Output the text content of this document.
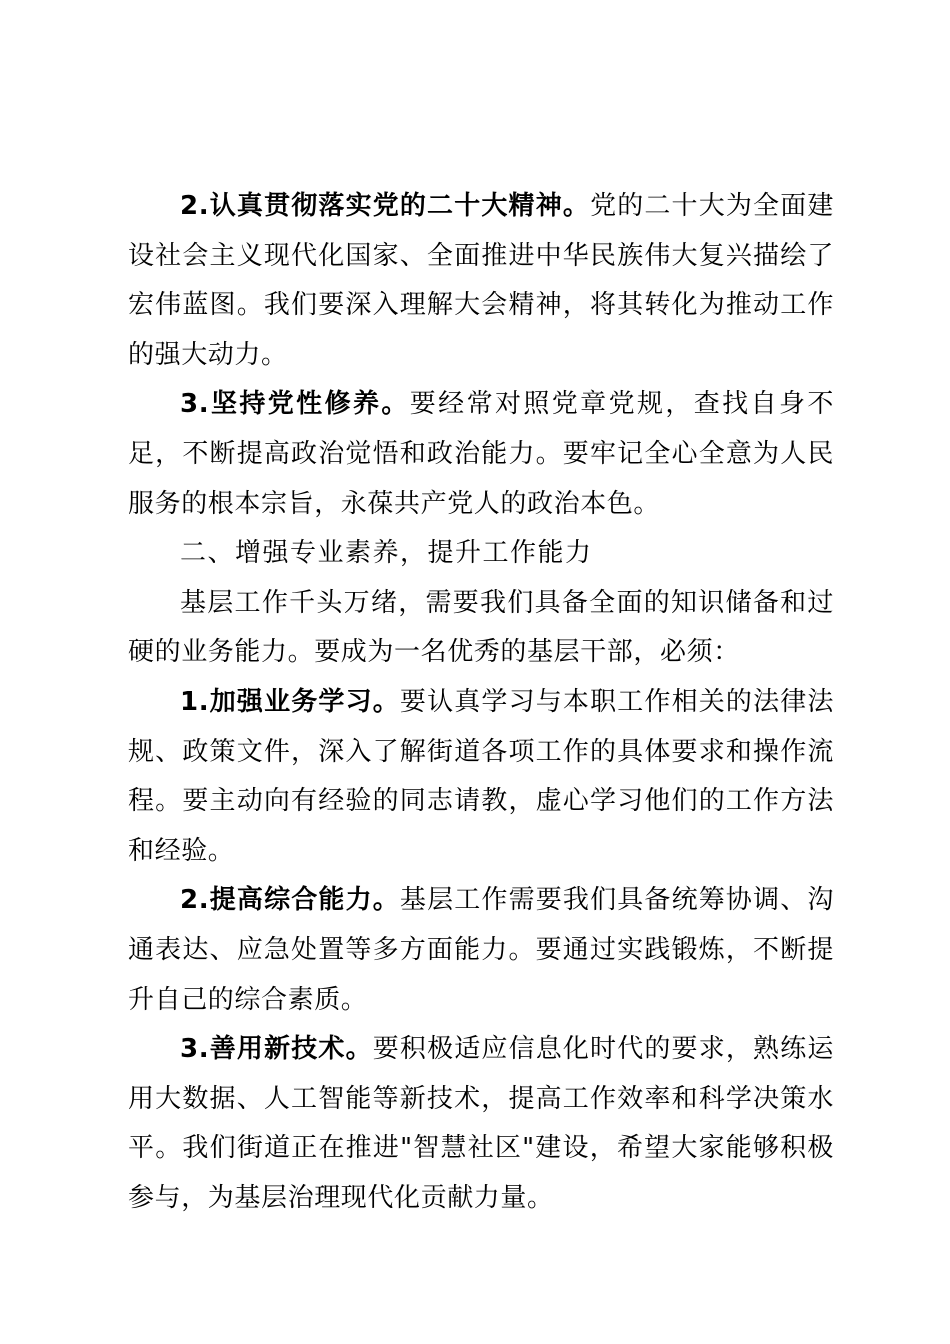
2.认真贯彻落实党的二十大精神。党的二十大为全面建设社会主义现代化国家、全面推进中华民族伟大复兴描绘了宏伟蓝图。我们要深入理解大会精神，将其转化为推动工作的强大动力。

3.坚持党性修养。要经常对照党章党规，查找自身不足，不断提高政治觉悟和政治能力。要牢记全心全意为人民服务的根本宗旨，永葆共产党人的政治本色。

二、增强专业素养，提升工作能力

基层工作千头万绪，需要我们具备全面的知识储备和过硬的业务能力。要成为一名优秀的基层干部，必须：

1.加强业务学习。要认真学习与本职工作相关的法律法规、政策文件，深入了解街道各项工作的具体要求和操作流程。要主动向有经验的同志请教，虚心学习他们的工作方法和经验。

2.提高综合能力。基层工作需要我们具备统筹协调、沟通表达、应急处置等多方面能力。要通过实践锻炼，不断提升自己的综合素质。

3.善用新技术。要积极适应信息化时代的要求，熟练运用大数据、人工智能等新技术，提高工作效率和科学决策水平。我们街道正在推进"智慧社区"建设，希望大家能够积极参与，为基层治理现代化贡献力量。
